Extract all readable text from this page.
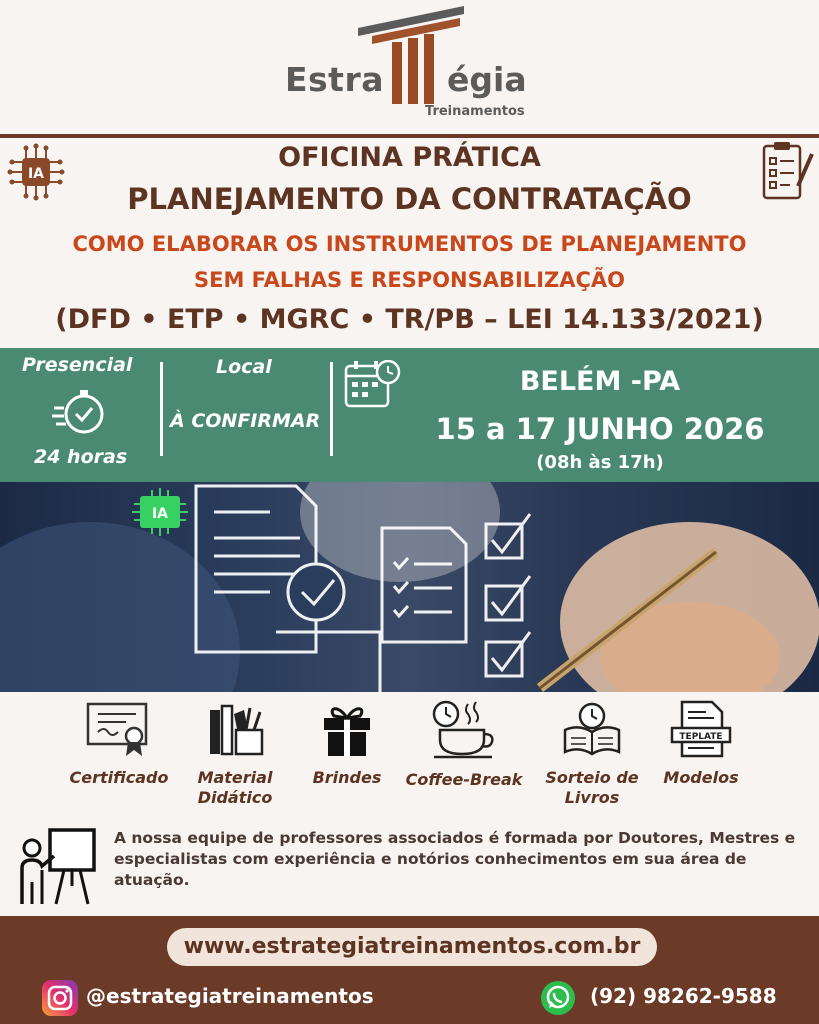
Estra égia
Treinamentos
IA
OFICINA PRÁTICA
PLANEJAMENTO DA CONTRATAÇÃO
COMO ELABORAR OS INSTRUMENTOS DE PLANEJAMENTO
SEM FALHAS E RESPONSABILIZAÇÃO
(DFD • ETP • MGRC • TR/PB – LEI 14.133/2021)
Presencial
24 horas
Local
À CONFIRMAR
BELÉM -PA
15 a 17 JUNHO 2026
(08h às 17h)
IA
Certificado	Material Didático
Brindes	Coffee-Break	Sorteio de Livros
TEPLATE
Modelos
A nossa equipe de professores associados é formada por Doutores, Mestres e especialistas com experiência e notórios conhecimentos em sua área de atuação.
www.estrategiatreinamentos.com.br
@estrategiatreinamentos	(92) 98262-9588
